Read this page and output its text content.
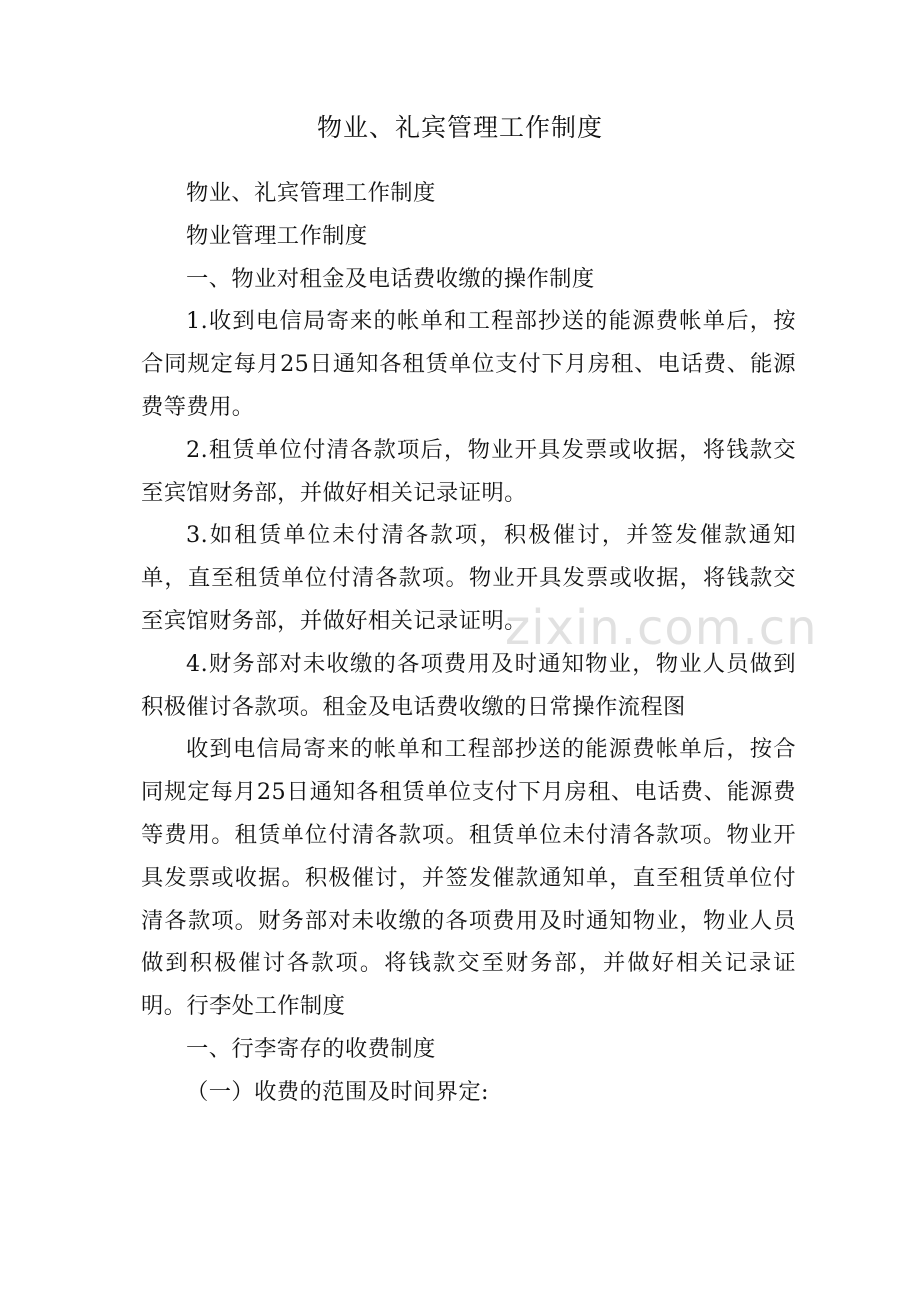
物业、礼宾管理工作制度

物业、礼宾管理工作制度

物业管理工作制度

一、物业对租金及电话费收缴的操作制度

1.收到电信局寄来的帐单和工程部抄送的能源费帐单后，按合同规定每月25日通知各租赁单位支付下月房租、电话费、能源费等费用。

2.租赁单位付清各款项后，物业开具发票或收据，将钱款交至宾馆财务部，并做好相关记录证明。

3.如租赁单位未付清各款项，积极催讨，并签发催款通知单，直至租赁单位付清各款项。物业开具发票或收据，将钱款交至宾馆财务部，并做好相关记录证明。

4.财务部对未收缴的各项费用及时通知物业，物业人员做到积极催讨各款项。租金及电话费收缴的日常操作流程图

收到电信局寄来的帐单和工程部抄送的能源费帐单后，按合同规定每月25日通知各租赁单位支付下月房租、电话费、能源费等费用。租赁单位付清各款项。租赁单位未付清各款项。物业开具发票或收据。积极催讨，并签发催款通知单，直至租赁单位付清各款项。财务部对未收缴的各项费用及时通知物业，物业人员做到积极催讨各款项。将钱款交至财务部，并做好相关记录证明。行李处工作制度

一、行李寄存的收费制度

（一）收费的范围及时间界定:

zixin.com.cn
